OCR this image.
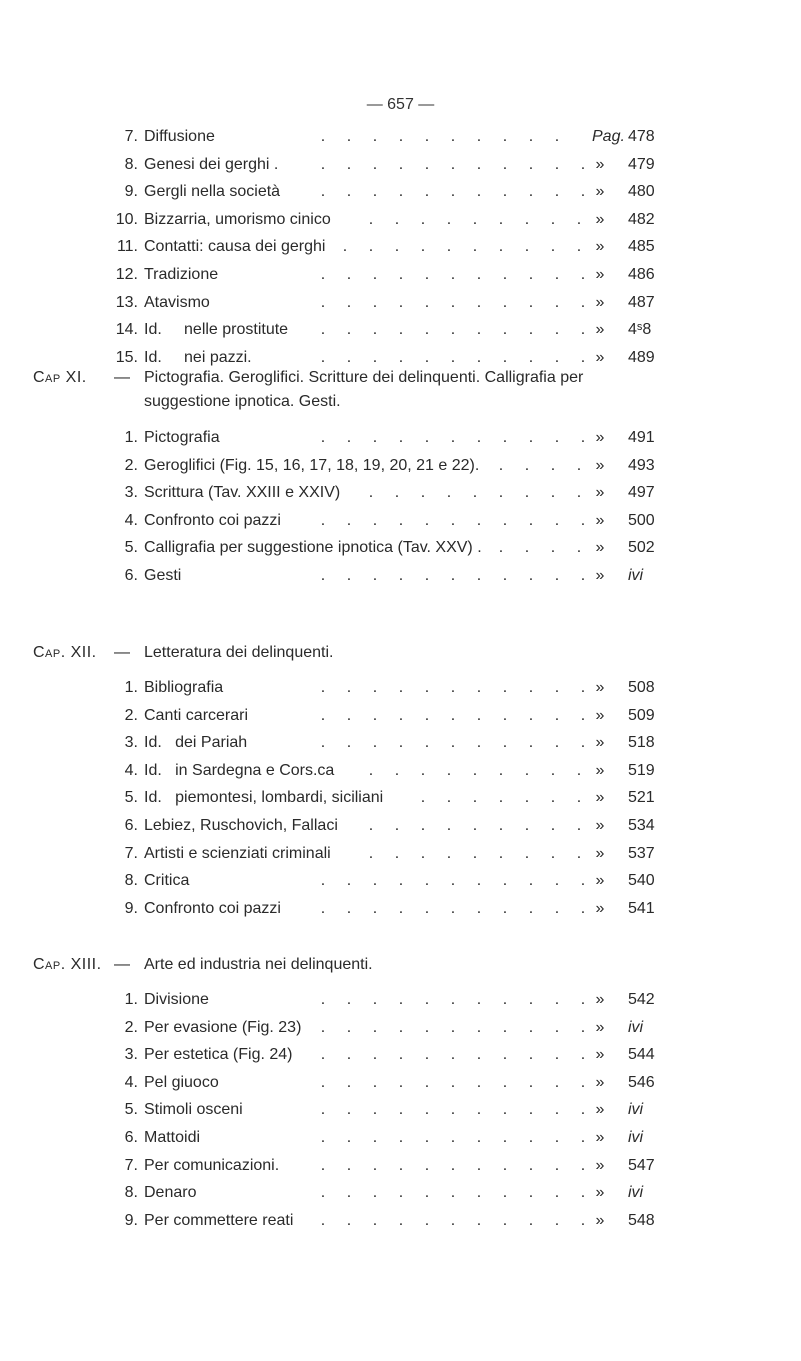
— 657 —
7. Diffusione	. . . . . . . . . . Pag. 478
8. Genesi dei gerghi .	. . . . . . . . . . . » 479
9. Gergli nella società	. . . . . . . . . . . » 480
10. Bizzarria, umorismo cinico . . . . . . . . . » 482
11. Contatti: causa dei gerghi . . . . . . . . . . » 485
12. Tradizione	. . . . . . . . . . . » 486
13. Atavismo	. . . . . . . . . . . » 487
14. Id.     nelle prostitute . . . . . . . . . . . » 4ˢ8
15. Id.     nei pazzi.	. . . . . . . . . . . » 489
Cap XI. — Pictografia. Geroglifici. Scritture dei delinquenti. Calligrafia per suggestione ipnotica. Gesti.
1. Pictografia	. . . . . . . . . . . » 491
2. Geroglifici (Fig. 15, 16, 17, 18, 19, 20, 21 e 22). . . . . » 493
3. Scrittura (Tav. XXIII e XXIV) . . . . . . . . . » 497
4. Confronto coi pazzi . . . . . . . . . . . » 500
5. Calligrafia per suggestione ipnotica (Tav. XXV) . . . . . » 502
6. Gesti	. . . . . . . . . . . » ivi
Cap. XII. — Letteratura dei delinquenti.
1. Bibliografia	. . . . . . . . . . . » 508
2. Canti carcerari	. . . . . . . . . . . » 509
3. Id.   dei Pariah	. . . . . . . . . . . » 518
4. Id.   in Sardegna e Cors.ca . . . . . . . . . » 519
5. Id.   piemontesi, lombardi, siciliani . . . . . . . » 521
6. Lebiez, Ruschovich, Fallaci . . . . . . . . . » 534
7. Artisti e scienziati criminali . . . . . . . . . » 537
8. Critica	. . . . . . . . . . . » 540
9. Confronto coi pazzi . . . . . . . . . . . » 541
Cap. XIII. — Arte ed industria nei delinquenti.
1. Divisione	. . . . . . . . . . . » 542
2. Per evasione (Fig. 23) . . . . . . . . . . . » ivi
3. Per estetica (Fig. 24) . . . . . . . . . . . » 544
4. Pel giuoco	. . . . . . . . . . . » 546
5. Stimoli osceni	. . . . . . . . . . . » ivi
6. Mattoidi	. . . . . . . . . . . » ivi
7. Per comunicazioni.	. . . . . . . . . . . » 547
8. Denaro	. . . . . . . . . . . » ivi
9. Per commettere reati . . . . . . . . . . . » 548
